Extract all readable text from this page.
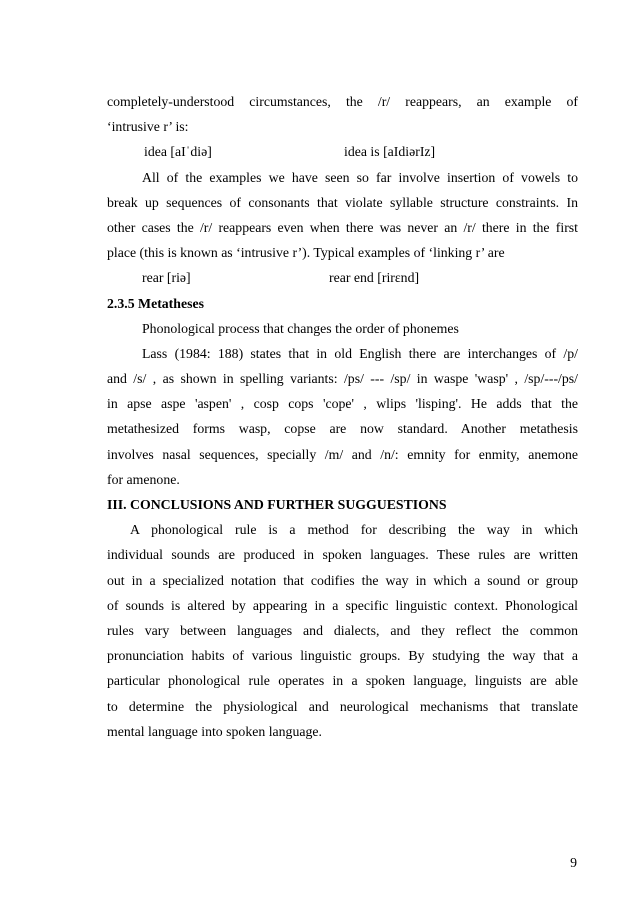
completely-understood circumstances, the /r/ reappears, an example of
‘intrusive r’ is:
idea [aIˈdiə]	idea is [aIdiərIz]
All of the examples we have seen so far involve insertion of vowels to
break up sequences of consonants that violate syllable structure constraints. In
other cases the /r/ reappears even when there was never an /r/ there in the first
place (this is known as ‘intrusive r’). Typical examples of ‘linking r’ are
rear [riə]	rear end [rirɛnd]
2.3.5 Metatheses
Phonological process that changes the order of phonemes
Lass (1984: 188) states that in old English there are interchanges of /p/
and /s/ , as shown in spelling variants: /ps/ --- /sp/ in waspe 'wasp' , /sp/---/ps/
in apse aspe 'aspen' , cosp cops 'cope' , wlips 'lisping'. He adds that the
metathesized forms wasp, copse are now standard. Another metathesis
involves nasal sequences, specially /m/ and /n/: emnity for enmity, anemone
for amenone.
III. CONCLUSIONS AND FURTHER SUGGUESTIONS
A phonological rule is a method for describing the way in which
individual sounds are produced in spoken languages. These rules are written
out in a specialized notation that codifies the way in which a sound or group
of sounds is altered by appearing in a specific linguistic context. Phonological
rules vary between languages and dialects, and they reflect the common
pronunciation habits of various linguistic groups. By studying the way that a
particular phonological rule operates in a spoken language, linguists are able
to determine the physiological and neurological mechanisms that translate
mental language into spoken language.
9
